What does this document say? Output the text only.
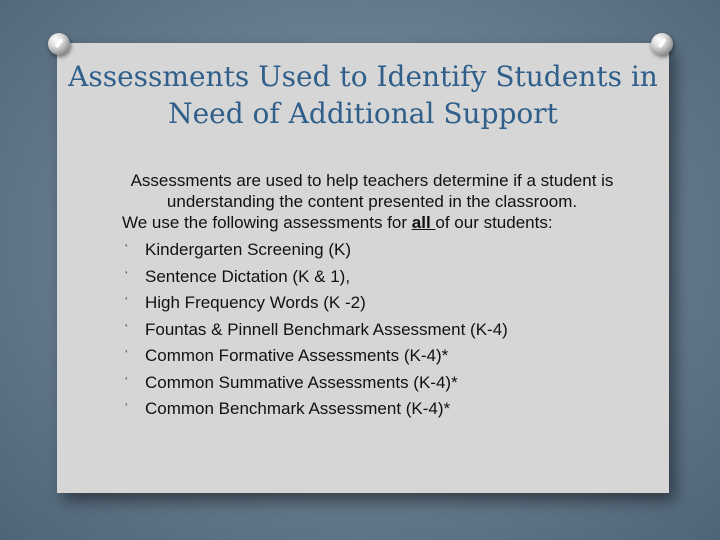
Assessments Used to Identify Students in Need of Additional Support
Assessments are used to help teachers determine if a student is understanding the content presented in the classroom.

We use the following assessments for all of our students:

᾿ Kindergarten Screening (K)
᾿ Sentence Dictation (K & 1),
᾿ High Frequency Words (K -2)
᾿ Fountas & Pinnell Benchmark Assessment (K-4)
᾿ Common Formative Assessments (K-4)*
᾿ Common Summative Assessments (K-4)*
᾿ Common Benchmark Assessment (K-4)*
